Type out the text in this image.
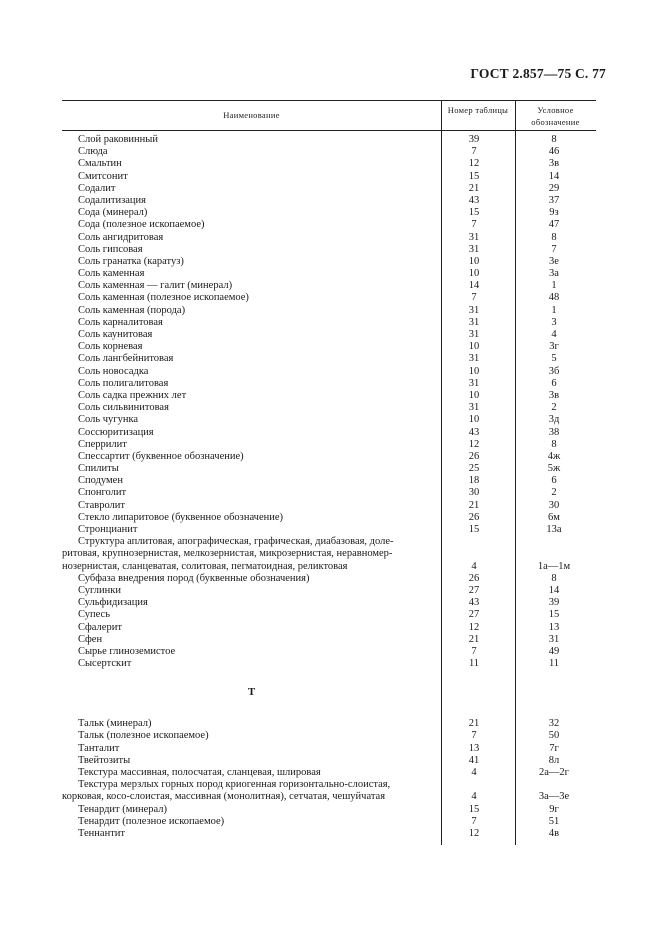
ГОСТ 2.857—75 С. 77
Наименование	Номер таблицы	Условное обозначение
Слой раковинный	39	8
Слюда	7	46
Смальтин	12	3в
Смитсонит	15	14
Содалит	21	29
Содалитизация	43	37
Сода (минерал)	15	9з
Сода (полезное ископаемое)	7	47
Соль ангидритовая	31	8
Соль гипсовая	31	7
Соль гранатка (каратуз)	10	3е
Соль каменная	10	3а
Соль каменная — галит (минерал)	14	1
Соль каменная (полезное ископаемое)	7	48
Соль каменная (порода)	31	1
Соль карналитовая	31	3
Соль каунитовая	31	4
Соль корневая	10	3г
Соль лангбейнитовая	31	5
Соль новосадка	10	3б
Соль полигалитовая	31	6
Соль садка прежних лет	10	3в
Соль сильвинитовая	31	2
Соль чугунка	10	3д
Соссюритизация	43	38
Сперрилит	12	8
Спессартит (буквенное обозначение)	26	4ж
Спилиты	25	5ж
Сподумен	18	6
Спонголит	30	2
Ставролит	21	30
Стекло липаритовое (буквенное обозначение)	26	6м
Стронцианит	15	13а
Структура аплитовая, апографическая, графическая, диабазовая, доле-
ритовая, крупнозернистая, мелкозернистая, микрозернистая, неравномер-
нозернистая, сланцеватая, солитовая, пегматоидная, реликтовая	4	1а—1м
Субфаза внедрения пород (буквенные обозначения)	26	8
Суглинки	27	14
Сульфидизация	43	39
Супесь	27	15
Сфалерит	12	13
Сфен	21	31
Сырье глиноземистое	7	49
Сысертскит	11	11
Т
Тальк (минерал)	21	32
Тальк (полезное ископаемое)	7	50
Танталит	13	7г
Твейтозиты	41	8л
Текстура массивная, полосчатая, сланцевая, шлировая	4	2а—2г
Текстура мерзлых горных пород криогенная горизонтально-слоистая,
корковая, косо-слоистая, массивная (монолитная), сетчатая, чешуйчатая	4	3а—3е
Тенардит (минерал)	15	9г
Тенардит (полезное ископаемое)	7	51
Теннантит	12	4в
